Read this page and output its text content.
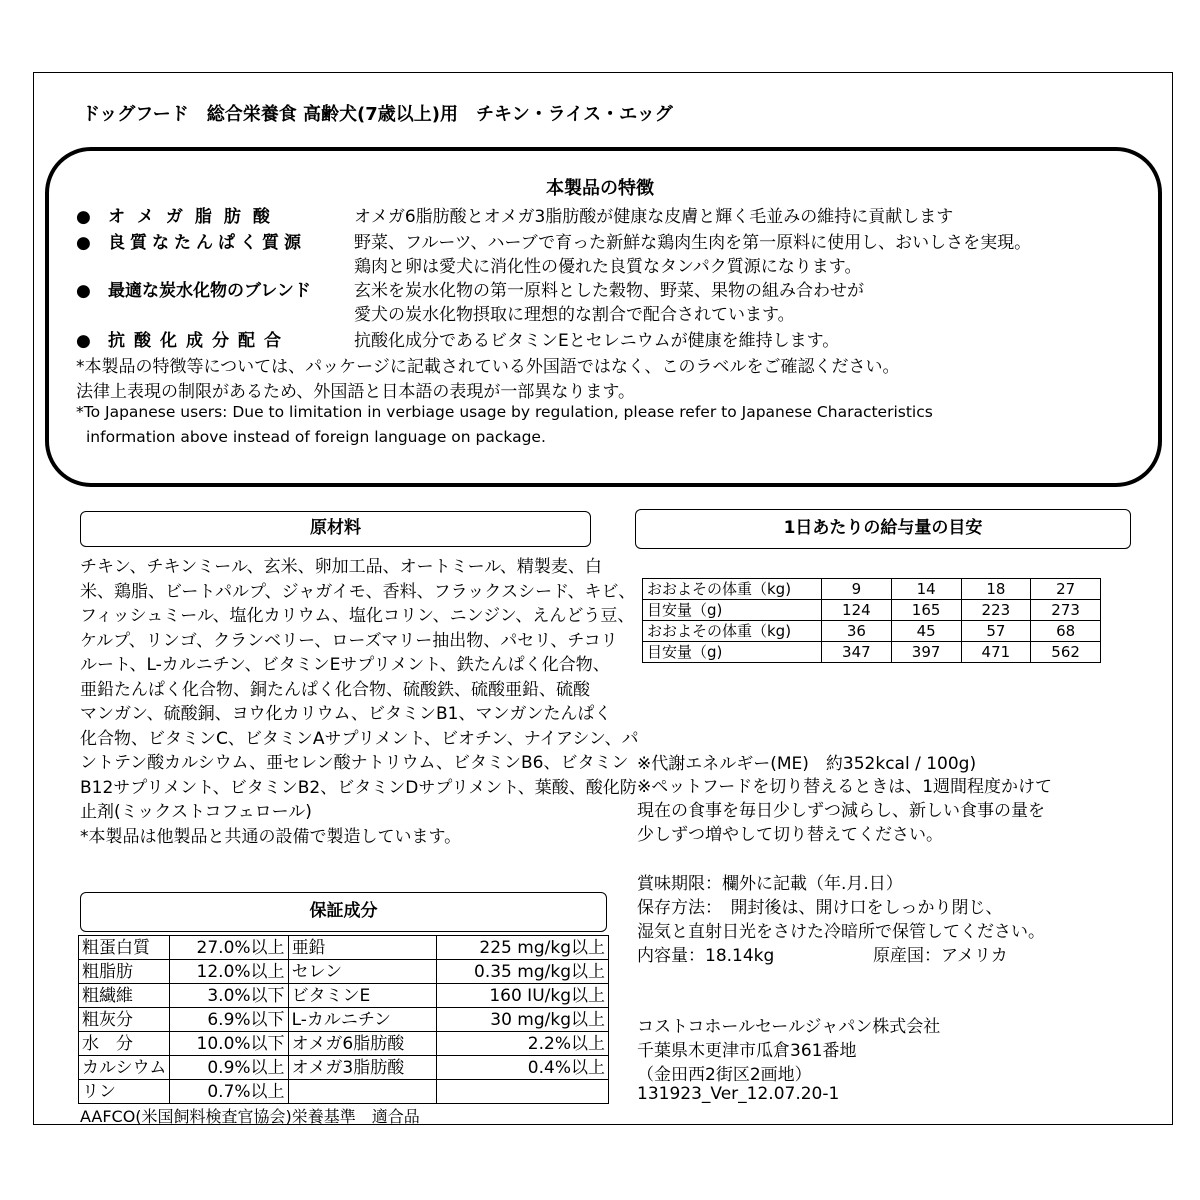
ドッグフード　総合栄養食 高齢犬(7歳以上)用　チキン・ライス・エッグ
本製品の特徴
● オメガ脂肪酸	オメガ6脂肪酸とオメガ3脂肪酸が健康な皮膚と輝く毛並みの維持に貢献します
● 良質なたんぱく質源	野菜、フルーツ、ハーブで育った新鮮な鶏肉生肉を第一原料に使用し、おいしさを実現。
鶏肉と卵は愛犬に消化性の優れた良質なタンパク質源になります。
● 最適な炭水化物のブレンド	玄米を炭水化物の第一原料とした穀物、野菜、果物の組み合わせが
愛犬の炭水化物摂取に理想的な割合で配合されています。
● 抗酸化成分配合	抗酸化成分であるビタミンEとセレニウムが健康を維持します。
*本製品の特徴等については、パッケージに記載されている外国語ではなく、このラベルをご確認ください。
法律上表現の制限があるため、外国語と日本語の表現が一部異なります。
*To Japanese users: Due to limitation in verbiage usage by regulation, please refer to Japanese Characteristics
information above instead of foreign language on package.
原材料
チキン、チキンミール、玄米、卵加工品、オートミール、精製麦、白
米、鶏脂、ビートパルプ、ジャガイモ、香料、フラックスシード、キビ、
フィッシュミール、塩化カリウム、塩化コリン、ニンジン、えんどう豆、
ケルプ、リンゴ、クランベリー、ローズマリー抽出物、パセリ、チコリ
ルート、L-カルニチン、ビタミンEサプリメント、鉄たんぱく化合物、
亜鉛たんぱく化合物、銅たんぱく化合物、硫酸鉄、硫酸亜鉛、硫酸
マンガン、硫酸銅、ヨウ化カリウム、ビタミンB1、マンガンたんぱく
化合物、ビタミンC、ビタミンAサプリメント、ビオチン、ナイアシン、パ
ントテン酸カルシウム、亜セレン酸ナトリウム、ビタミンB6、ビタミン
B12サプリメント、ビタミンB2、ビタミンDサプリメント、葉酸、酸化防
止剤(ミックストコフェロール)
*本製品は他製品と共通の設備で製造しています。
1日あたりの給与量の目安
おおよその体重（kg)	9	14	18	27
目安量（g)	124	165	223	273
おおよその体重（kg)	36	45	57	68
目安量（g)	347	397	471	562
※代謝エネルギー(ME)　約352kcal / 100g)
※ペットフードを切り替えるときは、1週間程度かけて
現在の食事を毎日少しずつ減らし、新しい食事の量を
少しずつ増やして切り替えてください。
賞味期限：欄外に記載（年.月.日）
保存方法：　開封後は、開け口をしっかり閉じ、
湿気と直射日光をさけた冷暗所で保管してください。
内容量：18.14kg	原産国：アメリカ
コストコホールセールジャパン株式会社
千葉県木更津市瓜倉361番地
（金田西2街区2画地）
131923_Ver_12.07.20-1
保証成分
粗蛋白質	27.0%以上	亜鉛	225 mg/kg以上
粗脂肪	12.0%以上	セレン	0.35 mg/kg以上
粗繊維	3.0%以下	ビタミンE	160 IU/kg以上
粗灰分	6.9%以下	L-カルニチン	30 mg/kg以上
水　分	10.0%以下	オメガ6脂肪酸	2.2%以上
カルシウム	0.9%以上	オメガ3脂肪酸	0.4%以上
リン	0.7%以上		
AAFCO(米国飼料検査官協会)栄養基準　適合品
